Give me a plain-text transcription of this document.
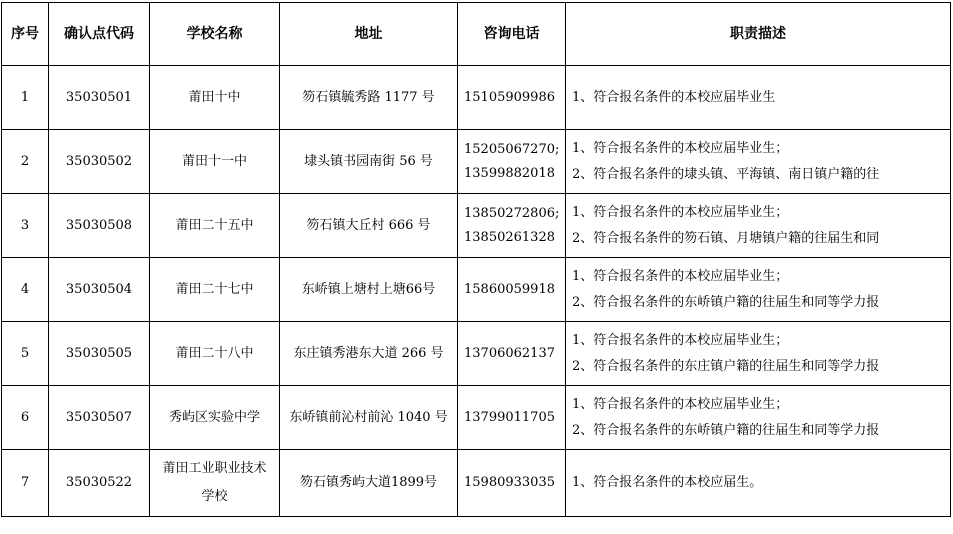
序号	确认点代码	学校名称	地址	咨询电话	职责描述
1	35030501	莆田十中	笏石镇毓秀路 1177 号	15105909986	1、符合报名条件的本校应届毕业生

2	35030502	莆田十一中	埭头镇书园南街 56 号	15205067270;13599882018	1、符合报名条件的本校应届毕业生；
2、符合报名条件的埭头镇、平海镇、南日镇户籍的往

3	35030508	莆田二十五中	笏石镇大丘村 666 号	13850272806;13850261328	1、符合报名条件的本校应届毕业生；
2、符合报名条件的笏石镇、月塘镇户籍的往届生和同

4	35030504	莆田二十七中	东峤镇上塘村上塘66号	15860059918	1、符合报名条件的本校应届毕业生；
2、符合报名条件的东峤镇户籍的往届生和同等学力报

5	35030505	莆田二十八中	东庄镇秀港东大道 266 号	13706062137	1、符合报名条件的本校应届毕业生；
2、符合报名条件的东庄镇户籍的往届生和同等学力报

6	35030507	秀屿区实验中学	东峤镇前沁村前沁 1040 号	13799011705	1、符合报名条件的本校应届毕业生；
2、符合报名条件的东峤镇户籍的往届生和同等学力报

7	35030522	莆田工业职业技术学校	笏石镇秀屿大道1899号	15980933035	1、符合报名条件的本校应届生。
